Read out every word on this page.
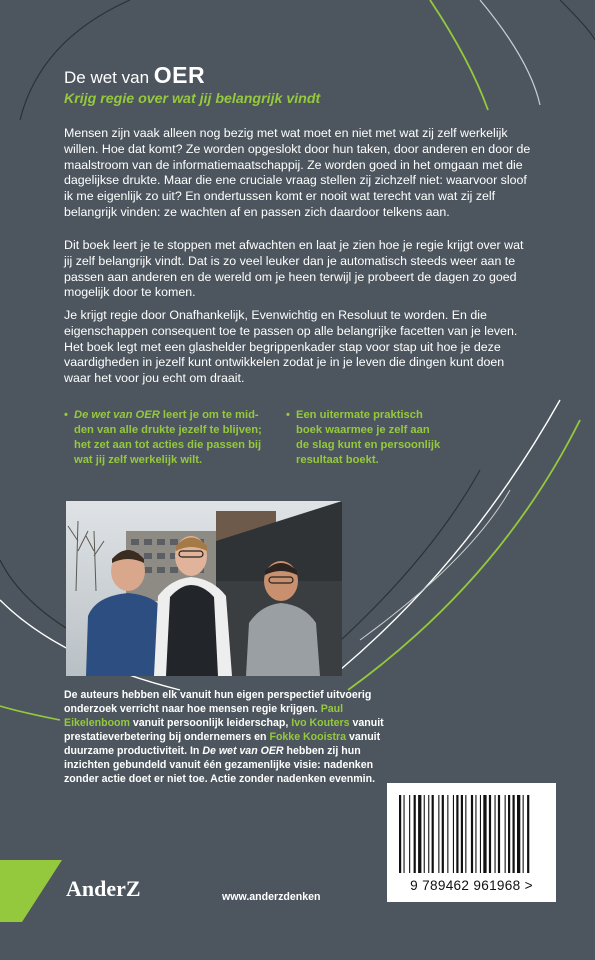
De wet van OER
Krijg regie over wat jij belangrijk vindt

Mensen zijn vaak alleen nog bezig met wat moet en niet met wat zij zelf werkelijk willen. Hoe dat komt? Ze worden opgeslokt door hun taken, door anderen en door de maalstroom van de informatiemaatschappij. Ze worden goed in het omgaan met die dagelijkse drukte. Maar die ene cruciale vraag stellen zij zichzelf niet: waarvoor sloof ik me eigenlijk zo uit? En ondertussen komt er nooit wat terecht van wat zij zelf belangrijk vinden: ze wachten af en passen zich daardoor telkens aan.

Dit boek leert je te stoppen met afwachten en laat je zien hoe je regie krijgt over wat jij zelf belangrijk vindt. Dat is zo veel leuker dan je automatisch steeds weer aan te passen aan anderen en de wereld om je heen terwijl je probeert de dagen zo goed mogelijk door te komen.

Je krijgt regie door Onafhankelijk, Evenwichtig en Resoluut te worden. En die eigenschappen consequent toe te passen op alle belangrijke facetten van je leven. Het boek legt met een glashelder begrippenkader stap voor stap uit hoe je deze vaardigheden in jezelf kunt ontwikkelen zodat je in je leven die dingen kunt doen waar het voor jou echt om draait.

• De wet van OER leert je om te mid-
den van alle drukte jezelf te blijven;
het zet aan tot acties die passen bij
wat jij zelf werkelijk wilt.
• Een uitermate praktisch
boek waarmee je zelf aan
de slag kunt en persoonlijk
resultaat boekt.

De auteurs hebben elk vanuit hun eigen perspectief uitvoerig onderzoek verricht naar hoe mensen regie krijgen. Paul Eikelenboom vanuit persoonlijk leiderschap, Ivo Kouters vanuit prestatieverbetering bij ondernemers en Fokke Kooistra vanuit duurzame productiviteit. In De wet van OER hebben zij hun inzichten gebundeld vanuit één gezamenlijke visie: nadenken zonder actie doet er niet toe. Actie zonder nadenken evenmin.

9 789462 961968 >
AnderZ	www.anderzdenken
